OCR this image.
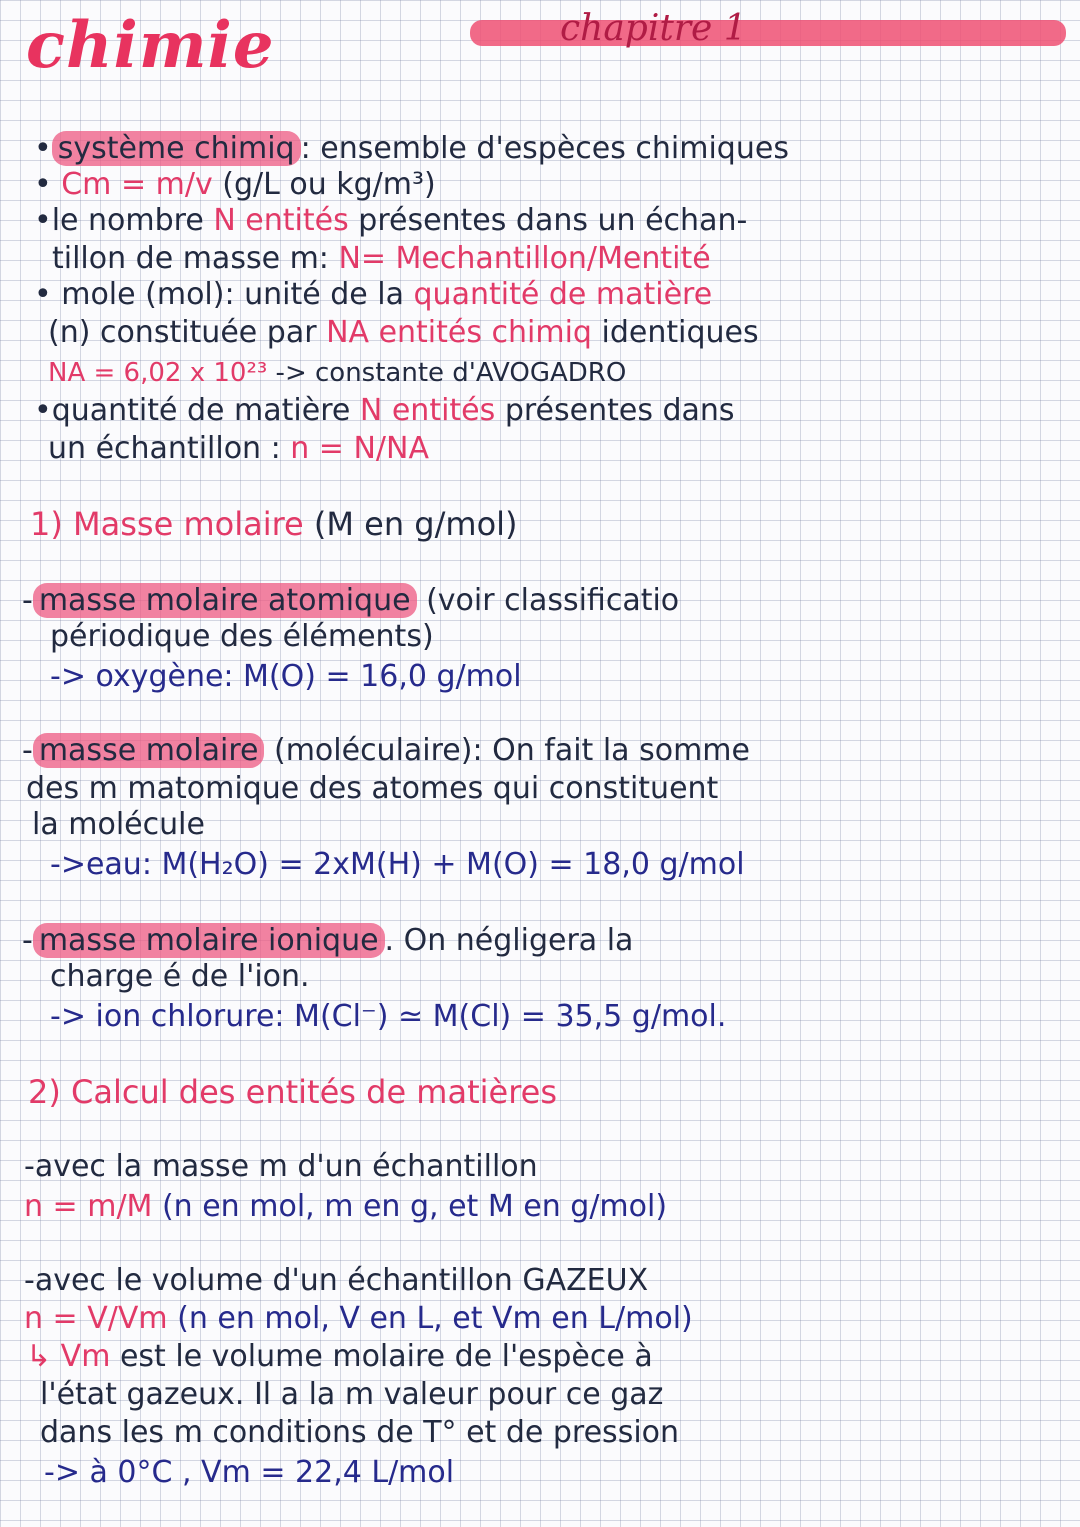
chimie	chapitre 1
• système chimiq : ensemble d'espèces chimiques
• Cm = m/v (g/L ou kg/m³)
•le nombre N entités présentes dans un échan-
tillon de masse m: N= Mechantillon/Mentité
• mole (mol): unité de la quantité de matière
(n) constituée par NA entités chimiq identiques
NA = 6,02 x 10²³ -> constante d'AVOGADRO
•quantité de matière N entités présentes dans
un échantillon : n = N/NA
1) Masse molaire (M en g/mol)
- masse molaire atomique (voir classificatio
périodique des éléments)
-> oxygène: M(O) = 16,0 g/mol
- masse molaire (moléculaire): On fait la somme
des m matomique des atomes qui constituent
la molécule
->eau: M(H₂O) = 2xM(H) + M(O) = 18,0 g/mol
- masse molaire ionique . On négligera la
charge é de l'ion.
-> ion chlorure: M(Cl⁻) ≃ M(Cl) = 35,5 g/mol.
2) Calcul des entités de matières
-avec la masse m d'un échantillon
n = m/M (n en mol, m en g, et M en g/mol)
-avec le volume d'un échantillon GAZEUX
n = V/Vm (n en mol, V en L, et Vm en L/mol)
↳ Vm est le volume molaire de l'espèce à
l'état gazeux. Il a la m valeur pour ce gaz
dans les m conditions de T° et de pression
-> à 0°C , Vm = 22,4 L/mol
